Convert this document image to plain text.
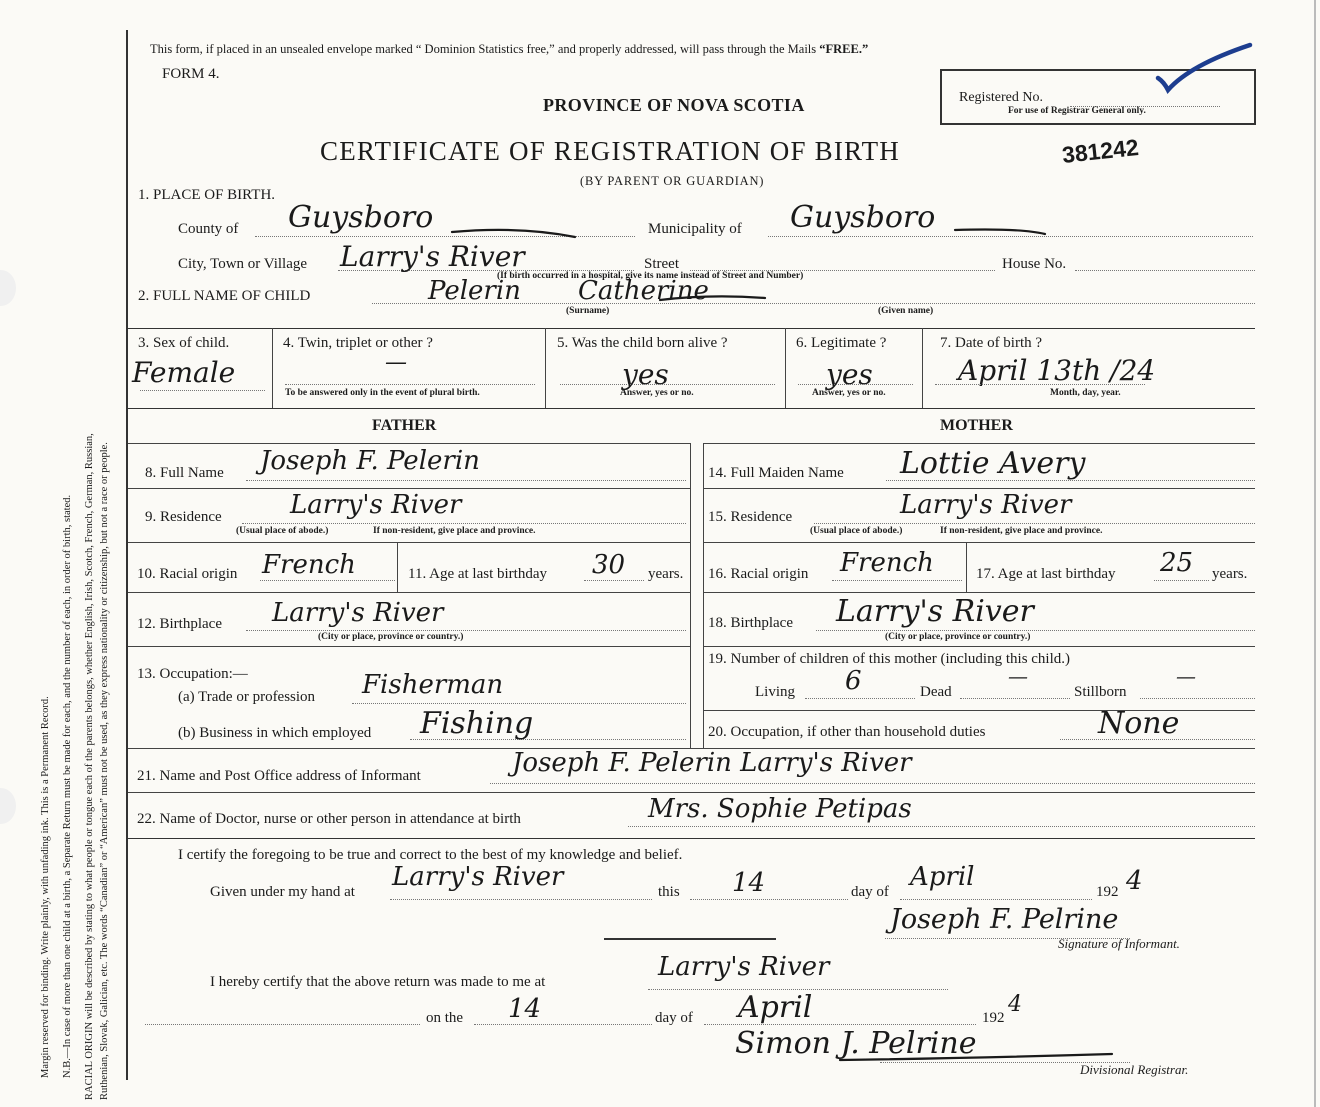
Margin reserved for binding. Write plainly, with unfading ink. This is a Permanent Record. N.B.—In case of more than one child at a birth, a Separate Return must be made for each, and the number of each, in order of birth, stated. RACIAL ORIGIN will be described by stating to what people or tongue each of the parents belongs, whether English, Irish, Scotch, French, German, Russian, Ruthenian, Slovak, Galician, etc. The words “Canadian” or “American” must not be used, as they express nationality or citizenship, but not a race or people.
This form, if placed in an unsealed envelope marked “ Dominion Statistics free,” and properly addressed, will pass through the Mails “FREE.”
FORM 4.
PROVINCE OF NOVA SCOTIA	Registered No.
For use of Registrar General only.
CERTIFICATE OF REGISTRATION OF BIRTH	381242
(BY PARENT OR GUARDIAN)
1. PLACE OF BIRTH.
County of Guysboro	Municipality of Guysboro
City, Town or Village Larry's River	Street	House No.
(If birth occurred in a hospital, give its name instead of Street and Number)
2. FULL NAME OF CHILD	Pelerin Catherine
(Surname)	(Given name)
3. Sex of child.
Female
4. Twin, triplet or other ?
—
To be answered only in the event of plural birth.
5. Was the child born alive ?
yes
Answer, yes or no.
6. Legitimate ?
yes
Answer, yes or no.
7. Date of birth ?
April 13th /24
Month, day, year.
FATHER	MOTHER
8. Full Name Joseph F. Pelerin
9. Residence	Larry's River
(Usual place of abode.)	If non-resident, give place and province.
10. Racial origin French	11. Age at last birthday 30 years.
12. Birthplace Larry's River
(City or place, province or country.)
13. Occupation:—
(a) Trade or profession Fisherman
(b) Business in which employed Fishing
14. Full Maiden Name Lottie Avery
15. Residence	Larry's River
(Usual place of abode.)	If non-resident, give place and province.
16. Racial origin French	17. Age at last birthday 25 years.
18. Birthplace Larry's River
(City or place, province or country.)
19. Number of children of this mother (including this child.)
Living 6	Dead
—
Stillborn
—
20. Occupation, if other than household duties	None
21. Name and Post Office address of Informant	Joseph F. Pelerin Larry's River
22. Name of Doctor, nurse or other person in attendance at birth	Mrs. Sophie Petipas
I certify the foregoing to be true and correct to the best of my knowledge and belief.
Given under my hand at Larry's River	this 14	day of April	192 4
Joseph F. Pelrine
Signature of Informant.
I hereby certify that the above return was made to me at	Larry's River
on the 14	day of April	192
4
Simon J. Pelrine
Divisional Registrar.
